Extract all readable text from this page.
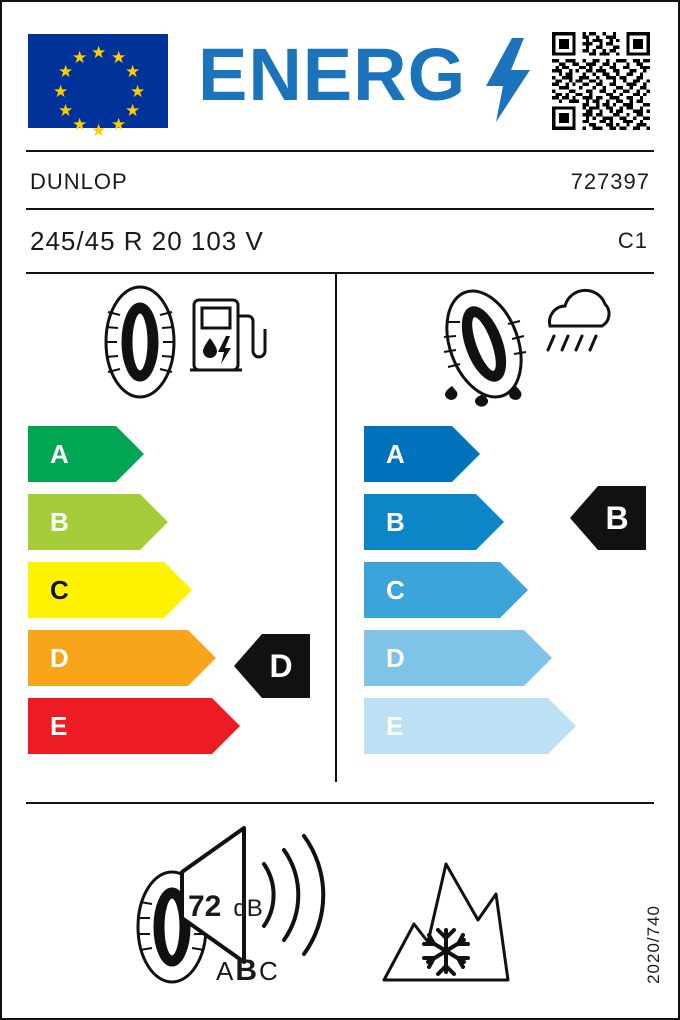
★ ★
★
★
★
★
★
★
★
★
★
★ ENERG
DUNLOP	727397
245/45 R 20 103 V	C1
A
B
C
D
E
D
A
B
C
D
E
B
72 dB
ABC	2020/740
